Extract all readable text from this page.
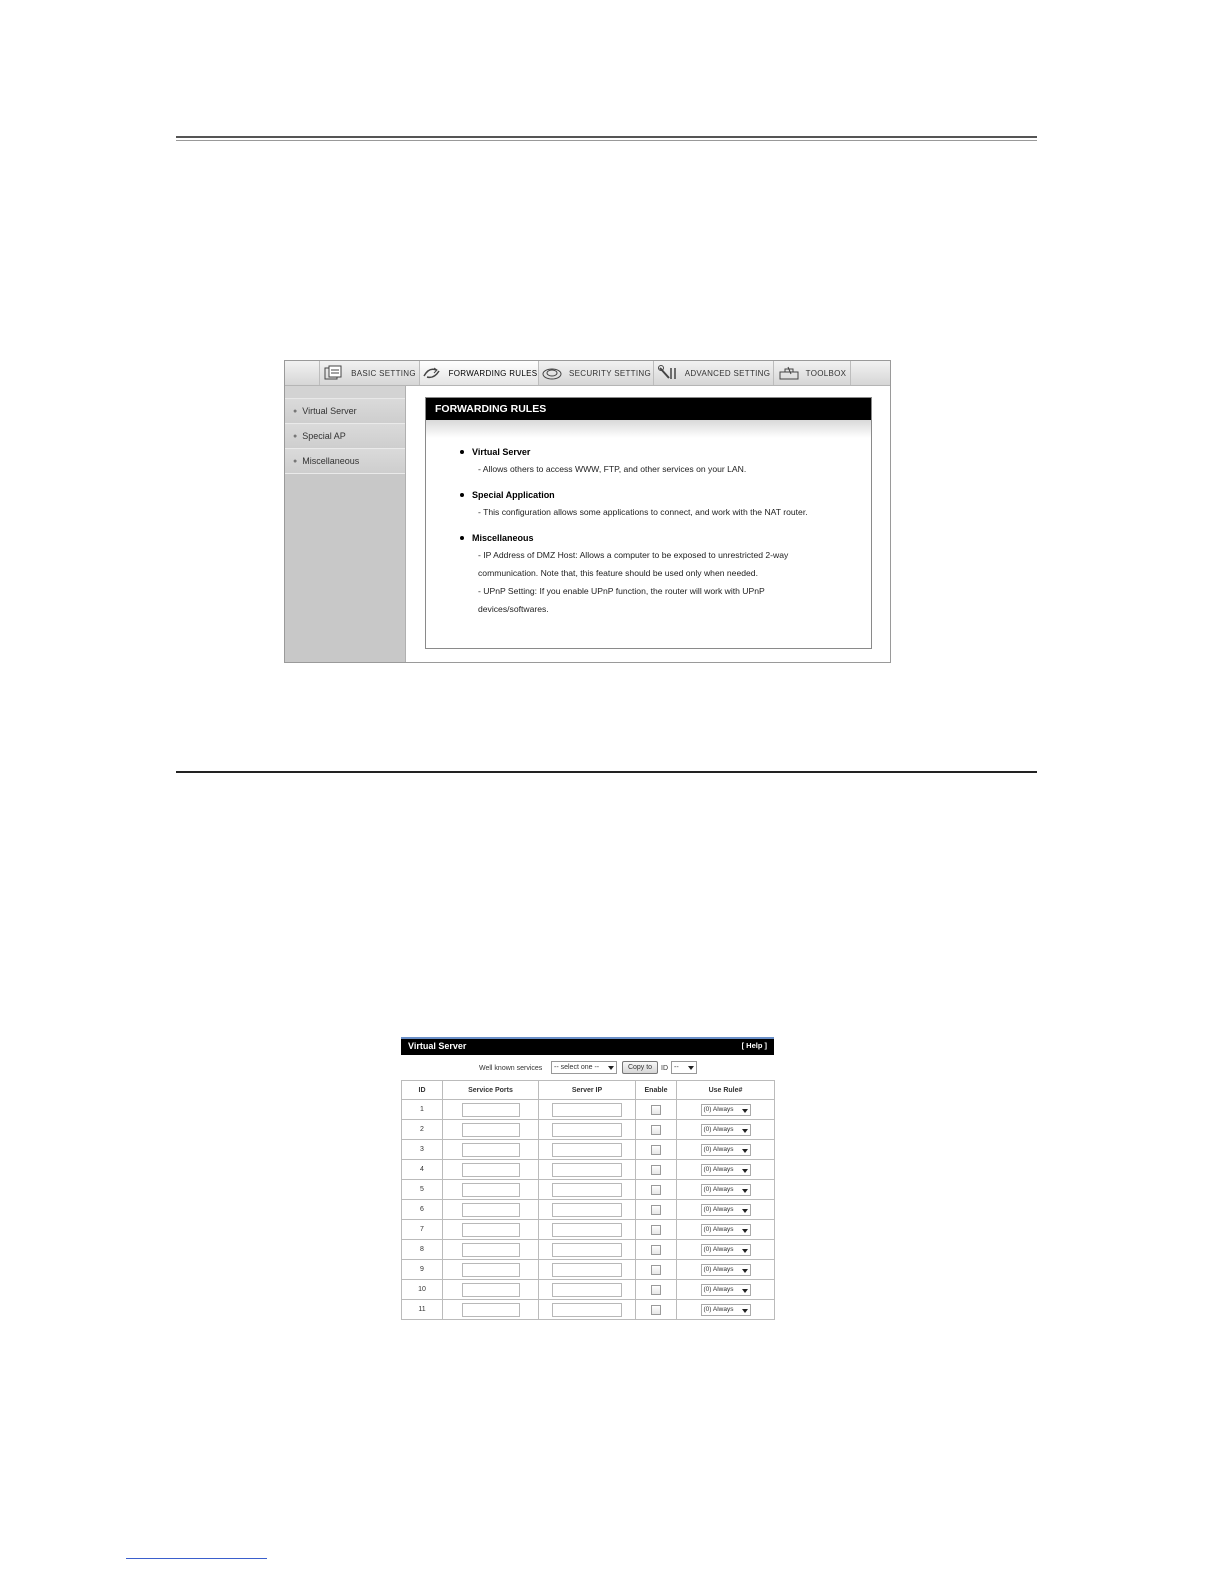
BASIC SETTING	FORWARDING RULES	SECURITY SETTING	ADVANCED SETTING	TOOLBOX
● Virtual Server
● Special AP
● Miscellaneous
FORWARDING RULES
Virtual Server
- Allows others to access WWW, FTP, and other services on your LAN.
Special Application
- This configuration allows some applications to connect, and work with the NAT router.
Miscellaneous
- IP Address of DMZ Host: Allows a computer to be exposed to unrestricted 2-way
communication. Note that, this feature should be used only when needed.
- UPnP Setting: If you enable UPnP function, the router will work with UPnP
devices/softwares.
Virtual Server	[ Help ]
Well known services	-- select one --	Copy to	ID --
ID	Service Ports	Server IP	Enable	Use Rule#
1				(0) Always

2				(0) Always

3				(0) Always

4				(0) Always

5				(0) Always

6				(0) Always

7				(0) Always

8				(0) Always

9				(0) Always

10				(0) Always

11				(0) Always
